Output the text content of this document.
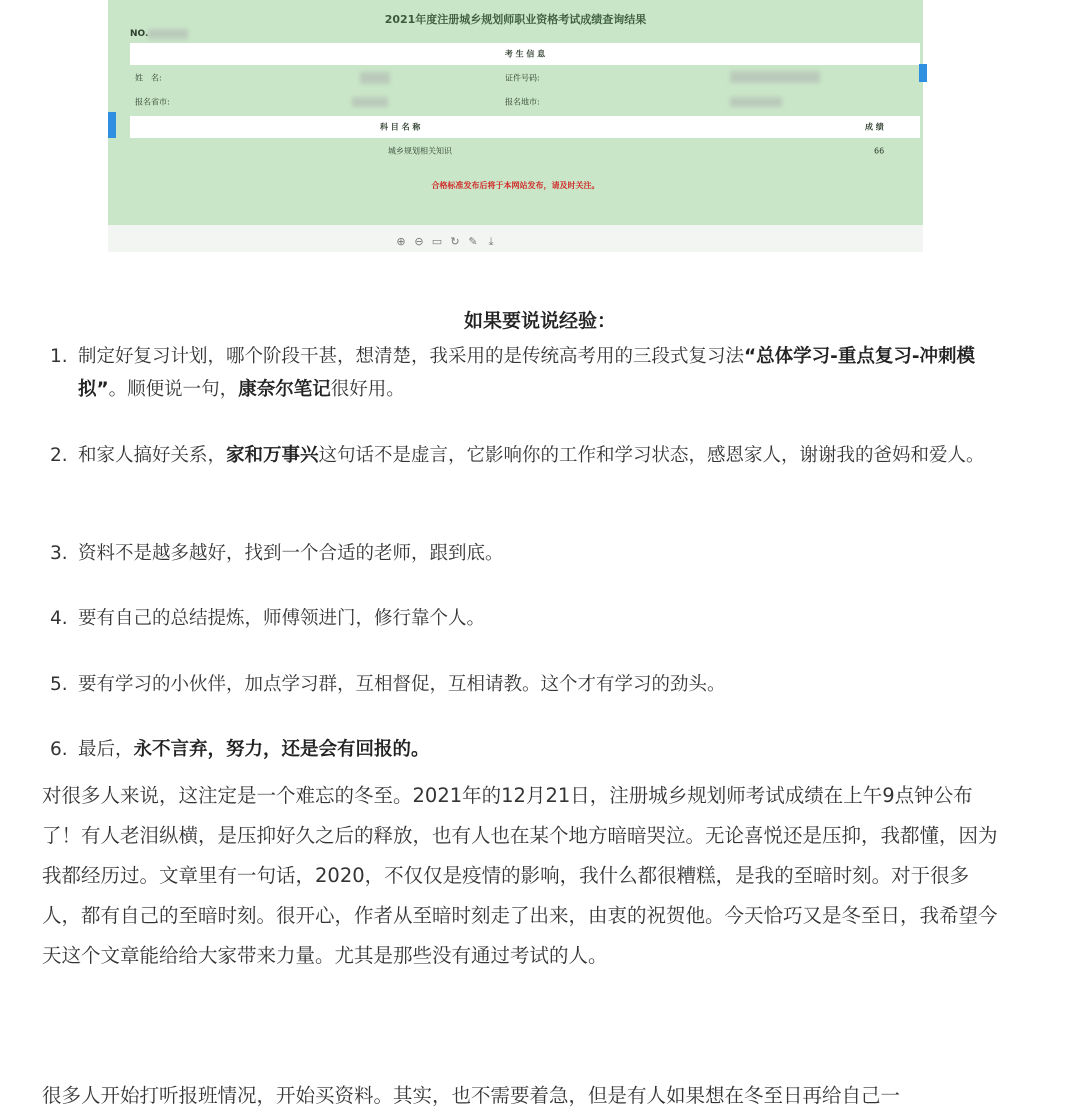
2021年度注册城乡规划师职业资格考试成绩查询结果
NO.
考 生 信 息
姓　名:	证件号码:
报名省市:	报名地市:
科 目 名 称	成 绩
城乡规划相关知识	66
合格标准发布后将于本网站发布，请及时关注。
⊕ ⊖ ▭ ↻ ✎ ⤓
如果要说说经验：
1. 制定好复习计划，哪个阶段干甚，想清楚，我采用的是传统高考用的三段式复习法“总体学习-重点复习-冲刺模拟”。顺便说一句，康奈尔笔记很好用。
2. 和家人搞好关系，家和万事兴这句话不是虚言，它影响你的工作和学习状态，感恩家人，谢谢我的爸妈和爱人。
3. 资料不是越多越好，找到一个合适的老师，跟到底。
4. 要有自己的总结提炼，师傅领进门，修行靠个人。
5. 要有学习的小伙伴，加点学习群，互相督促，互相请教。这个才有学习的劲头。
6. 最后，永不言弃，努力，还是会有回报的。

对很多人来说，这注定是一个难忘的冬至。2021年的12月21日，注册城乡规划师考试成绩在上午9点钟公布了！有人老泪纵横，是压抑好久之后的释放，也有人也在某个地方暗暗哭泣。无论喜悦还是压抑，我都懂，因为我都经历过。文章里有一句话，2020，不仅仅是疫情的影响，我什么都很糟糕，是我的至暗时刻。对于很多人，都有自己的至暗时刻。很开心，作者从至暗时刻走了出来，由衷的祝贺他。今天恰巧又是冬至日，我希望今天这个文章能给给大家带来力量。尤其是那些没有通过考试的人。

很多人开始打听报班情况，开始买资料。其实，也不需要着急，但是有人如果想在冬至日再给自己一
